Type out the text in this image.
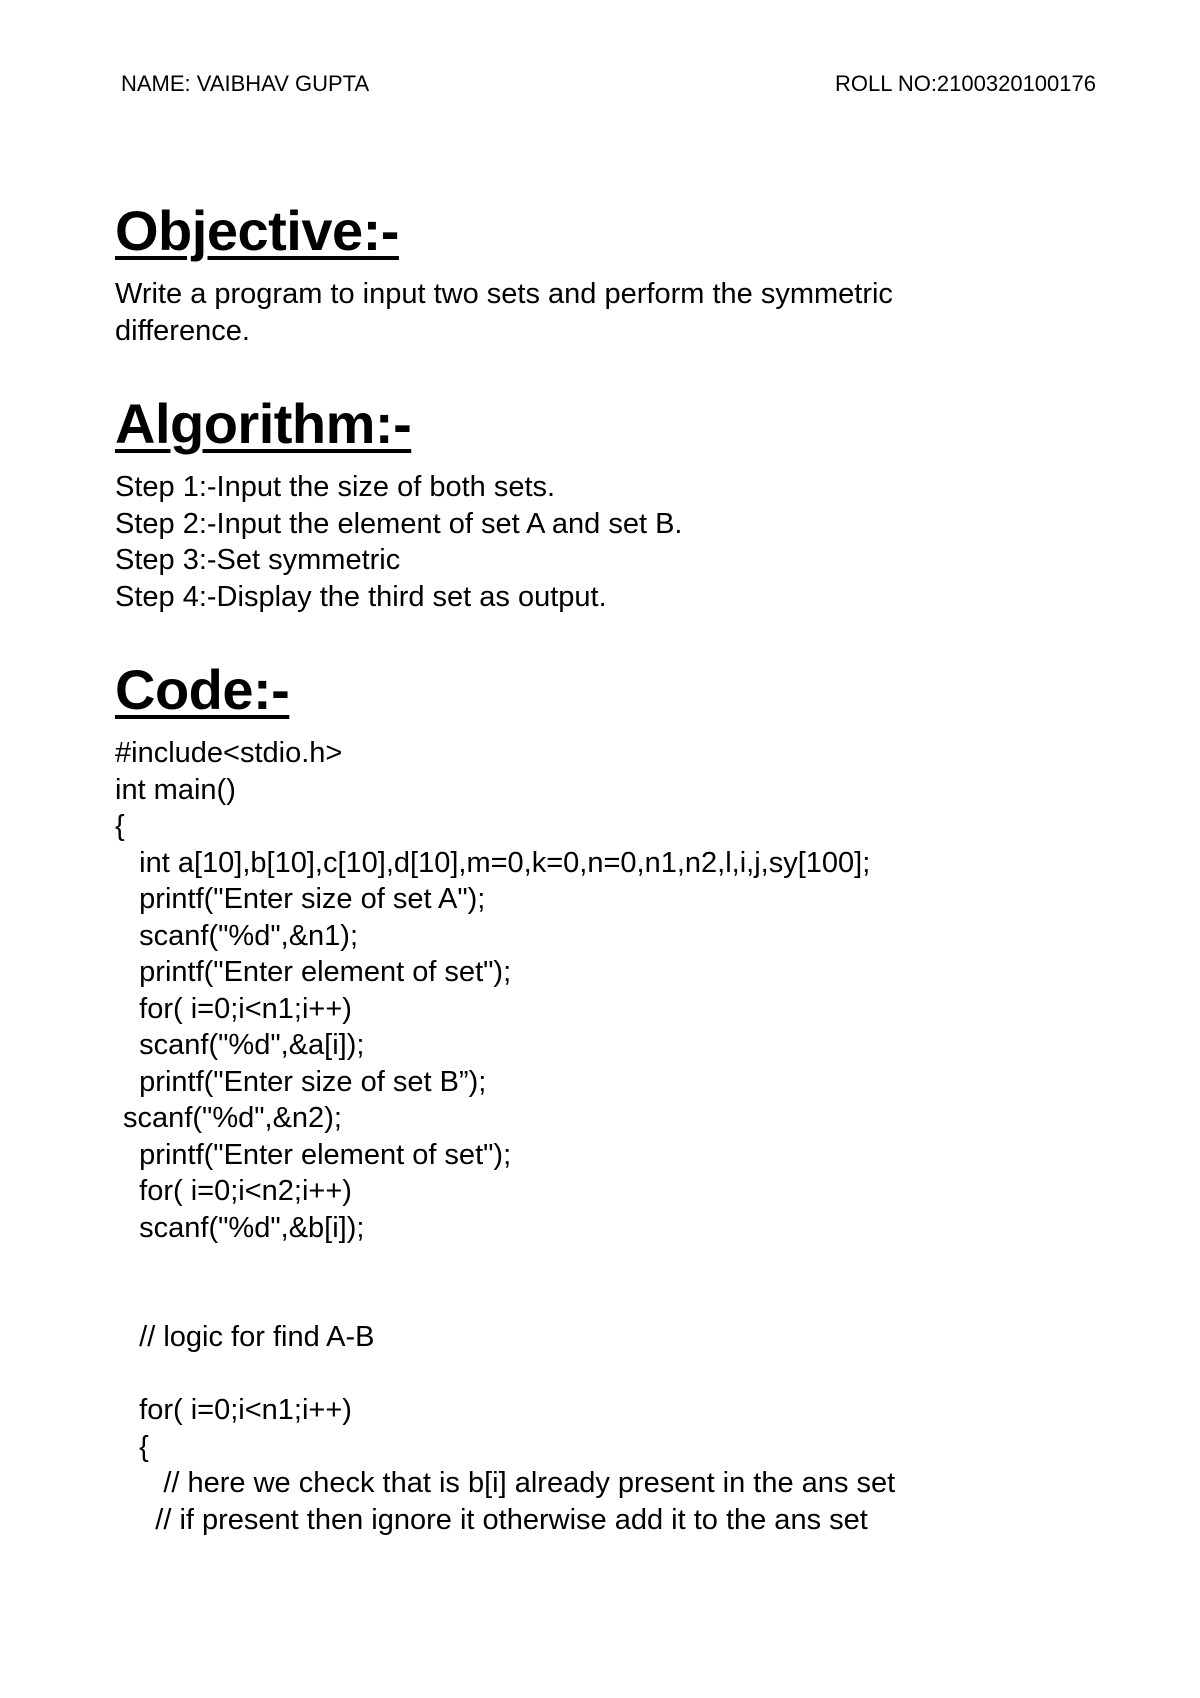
NAME: VAIBHAV GUPTA	ROLL NO:2100320100176
Objective:-

Write a program to input two sets and perform the symmetric

difference.

Algorithm:-
Step 1:-Input the size of both sets.
Step 2:-Input the element of set A and set B.
Step 3:-Set symmetric
Step 4:-Display the third set as output.
Code:-
#include<stdio.h>
int main()
{
int a[10],b[10],c[10],d[10],m=0,k=0,n=0,n1,n2,l,i,j,sy[100];
printf("Enter size of set A");
scanf("%d",&n1);
printf("Enter element of set");
for( i=0;i<n1;i++)
scanf("%d",&a[i]);
printf("Enter size of set B”);
scanf("%d",&n2);
printf("Enter element of set");
for( i=0;i<n2;i++)
scanf("%d",&b[i]);
// logic for find A-B
for( i=0;i<n1;i++)
{
// here we check that is b[i] already present in the ans set
// if present then ignore it otherwise add it to the ans set
